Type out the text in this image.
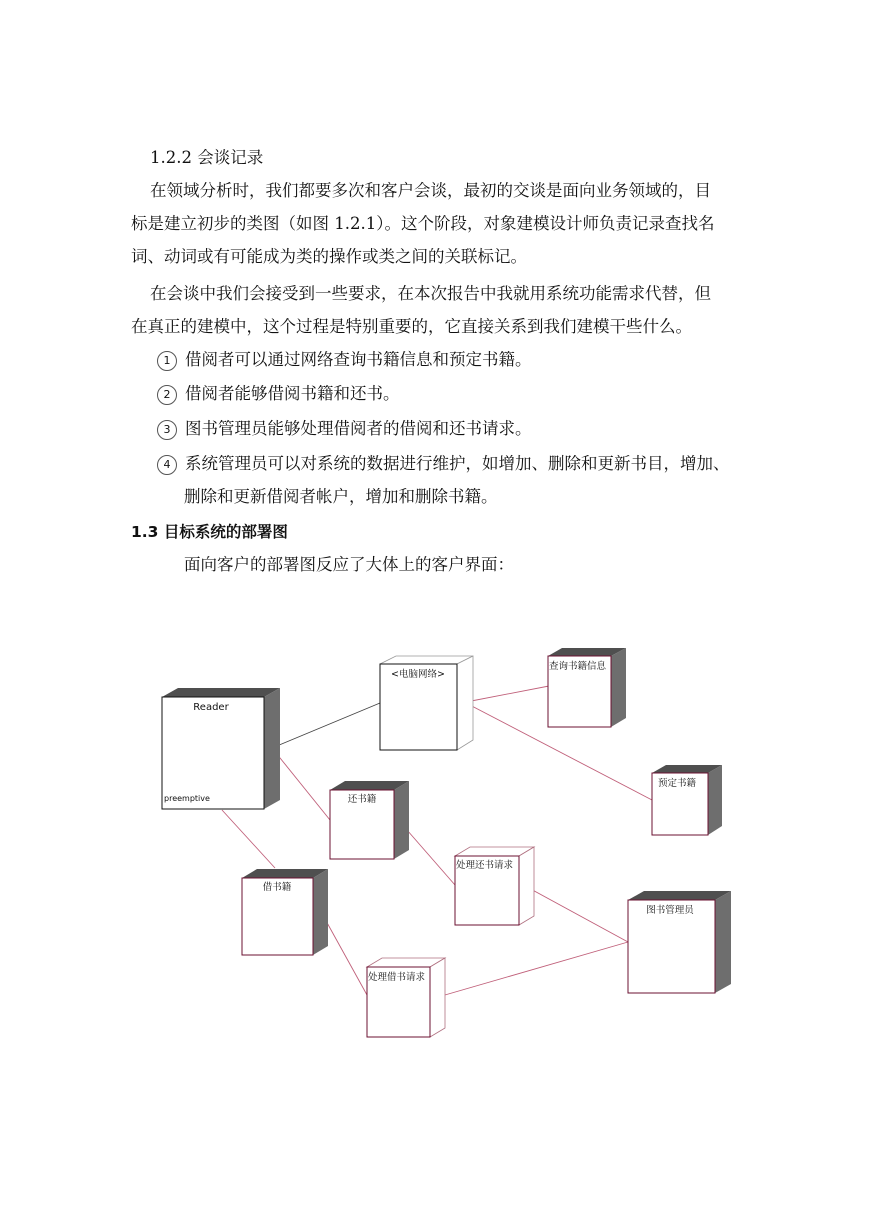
1.2.2 会谈记录
在领域分析时，我们都要多次和客户会谈，最初的交谈是面向业务领域的，目
标是建立初步的类图（如图 1.2.1）。这个阶段，对象建模设计师负责记录查找名
词、动词或有可能成为类的操作或类之间的关联标记。
在会谈中我们会接受到一些要求，在本次报告中我就用系统功能需求代替，但
在真正的建模中，这个过程是特别重要的，它直接关系到我们建模干些什么。
1 借阅者可以通过网络查询书籍信息和预定书籍。
2 借阅者能够借阅书籍和还书。
3 图书管理员能够处理借阅者的借阅和还书请求。
4 系统管理员可以对系统的数据进行维护，如增加、删除和更新书目，增加、
删除和更新借阅者帐户，增加和删除书籍。
1.3 目标系统的部署图
面向客户的部署图反应了大体上的客户界面：
Reader
preemptive
<电脑网络>
查询书籍信息
预定书籍
还书籍
借书籍
处理还书请求
处理借书请求
图书管理员
